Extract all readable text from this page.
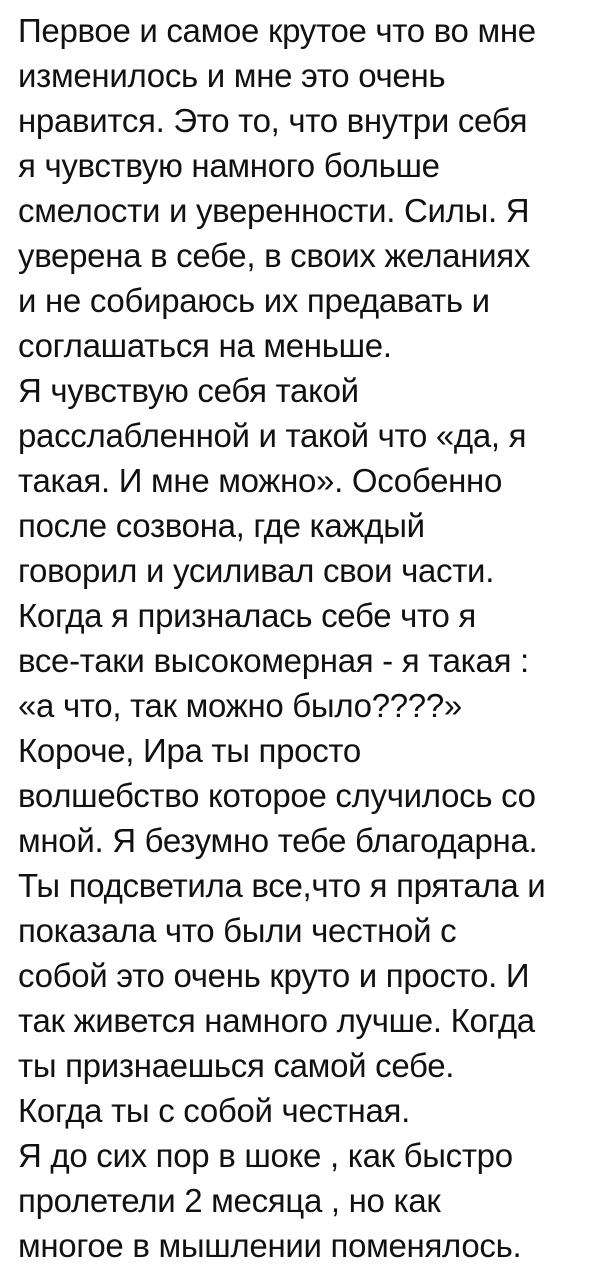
Первое и самое крутое что во мне
изменилось и мне это очень
нравится. Это то, что внутри себя
я чувствую намного больше
смелости и уверенности. Силы. Я
уверена в себе, в своих желаниях
и не собираюсь их предавать и
соглашаться на меньше.
Я чувствую себя такой
расслабленной и такой что «да, я
такая. И мне можно». Особенно
после созвона, где каждый
говорил и усиливал свои части.
Когда я призналась себе что я
все-таки высокомерная - я такая :
«а что, так можно было????»
Короче, Ира ты просто
волшебство которое случилось со
мной. Я безумно тебе благодарна.
Ты подсветила все,что я прятала и
показала что были честной с
собой это очень круто и просто. И
так живется намного лучше. Когда
ты признаешься самой себе.
Когда ты с собой честная.
Я до сих пор в шоке , как быстро
пролетели 2 месяца , но как
многое в мышлении поменялось.
